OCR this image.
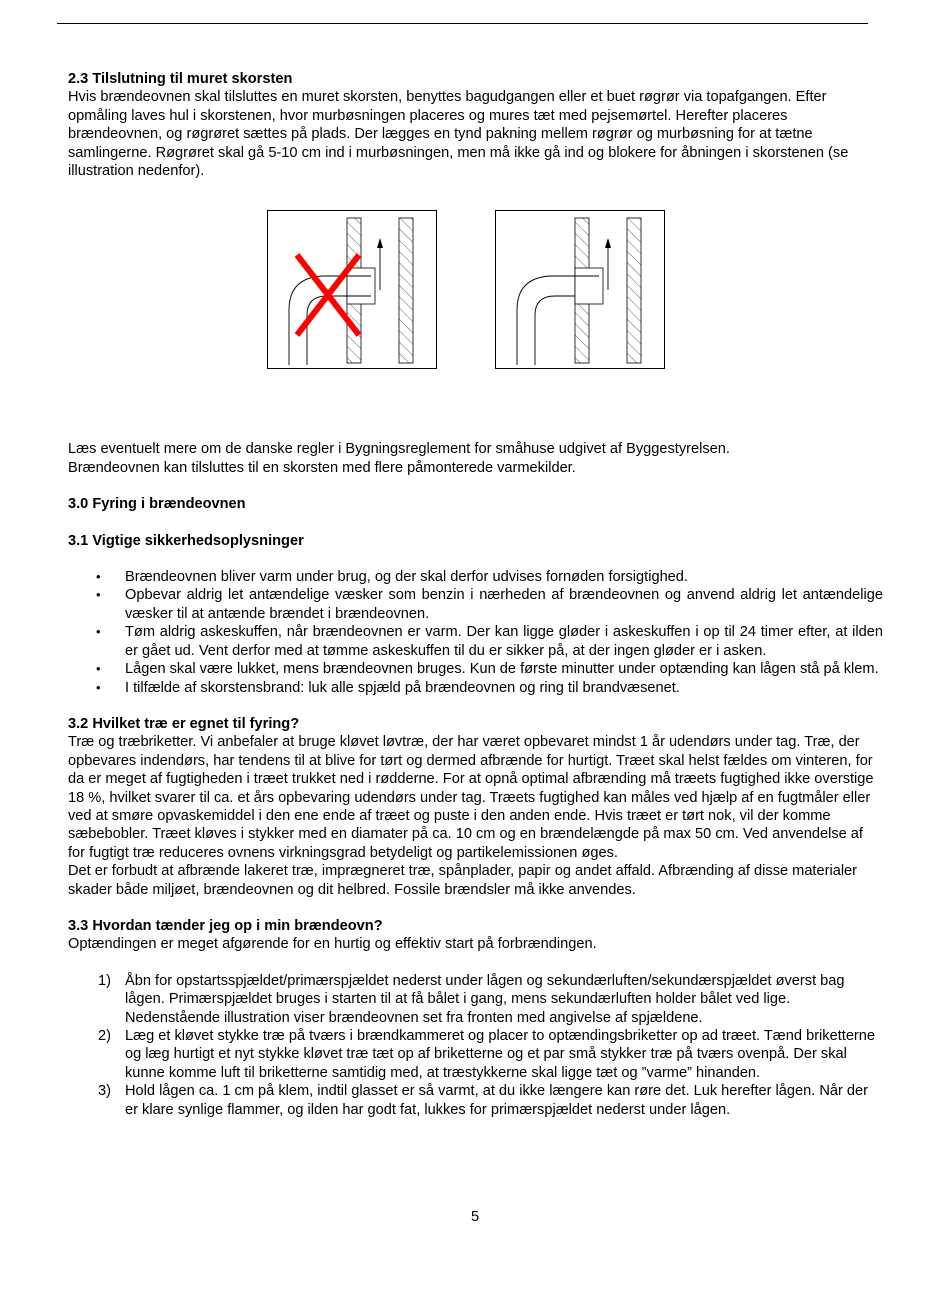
2.3 Tilslutning til muret skorsten

Hvis brændeovnen skal tilsluttes en muret skorsten, benyttes bagudgangen eller et buet røgrør via topafgangen. Efter opmåling laves hul i skorstenen, hvor murbøsningen placeres og mures tæt med pejsemørtel. Herefter placeres brændeovnen, og røgrøret sættes på plads. Der lægges en tynd pakning mellem røgrør og murbøsning for at tætne samlingerne. Røgrøret skal gå 5-10 cm ind i murbøsningen, men må ikke gå ind og blokere for åbningen i skorstenen (se illustration nedenfor).

Læs eventuelt mere om de danske regler i Bygningsreglement for småhuse udgivet af Byggestyrelsen.

Brændeovnen kan tilsluttes til en skorsten med flere påmonterede varmekilder.

3.0 Fyring i brændeovnen
3.1 Vigtige sikkerhedsoplysninger
• Brændeovnen bliver varm under brug, og der skal derfor udvises fornøden forsigtighed.
• Opbevar aldrig let antændelige væsker som benzin i nærheden af brændeovnen og anvend aldrig let antændelige væsker til at antænde brændet i brændeovnen.
• Tøm aldrig askeskuffen, når brændeovnen er varm. Der kan ligge gløder i askeskuffen i op til 24 timer efter, at ilden er gået ud. Vent derfor med at tømme askeskuffen til du er sikker på, at der ingen gløder er i asken.
• Lågen skal være lukket, mens brændeovnen bruges. Kun de første minutter under optænding kan lågen stå på klem.
• I tilfælde af skorstensbrand: luk alle spjæld på brændeovnen og ring til brandvæsenet.
3.2 Hvilket træ er egnet til fyring?

Træ og træbriketter. Vi anbefaler at bruge kløvet løvtræ, der har været opbevaret mindst 1 år udendørs under tag. Træ, der opbevares indendørs, har tendens til at blive for tørt og dermed afbrænde for hurtigt. Træet skal helst fældes om vinteren, for da er meget af fugtigheden i træet trukket ned i rødderne. For at opnå optimal afbrænding må træets fugtighed ikke overstige 18 %, hvilket svarer til ca. et års opbevaring udendørs under tag. Træets fugtighed kan måles ved hjælp af en fugtmåler eller ved at smøre opvaskemiddel i den ene ende af træet og puste i den anden ende. Hvis træet er tørt nok, vil der komme sæbebobler. Træet kløves i stykker med en diamater på ca. 10 cm og en brændelængde på max 50 cm. Ved anvendelse af for fugtigt træ reduceres ovnens virkningsgrad betydeligt og partikelemissionen øges.

Det er forbudt at afbrænde lakeret træ, imprægneret træ, spånplader, papir og andet affald. Afbrænding af disse materialer skader både miljøet, brændeovnen og dit helbred. Fossile brændsler må ikke anvendes.

3.3 Hvordan tænder jeg op i min brændeovn?

Optændingen er meget afgørende for en hurtig og effektiv start på forbrændingen.

1) Åbn for opstartsspjældet/primærspjældet nederst under lågen og sekundærluften/sekundærspjældet øverst bag lågen. Primærspjældet bruges i starten til at få bålet i gang, mens sekundærluften holder bålet ved lige. Nedenstående illustration viser brændeovnen set fra fronten med angivelse af spjældene.
2) Læg et kløvet stykke træ på tværs i brændkammeret og placer to optændingsbriketter op ad træet. Tænd briketterne og læg hurtigt et nyt stykke kløvet træ tæt op af briketterne og et par små stykker træ på tværs ovenpå. Der skal kunne komme luft til briketterne samtidig med, at træstykkerne skal ligge tæt og ”varme” hinanden.
3) Hold lågen ca. 1 cm på klem, indtil glasset er så varmt, at du ikke længere kan røre det. Luk herefter lågen. Når der er klare synlige flammer, og ilden har godt fat, lukkes for primærspjældet nederst under lågen.
5
